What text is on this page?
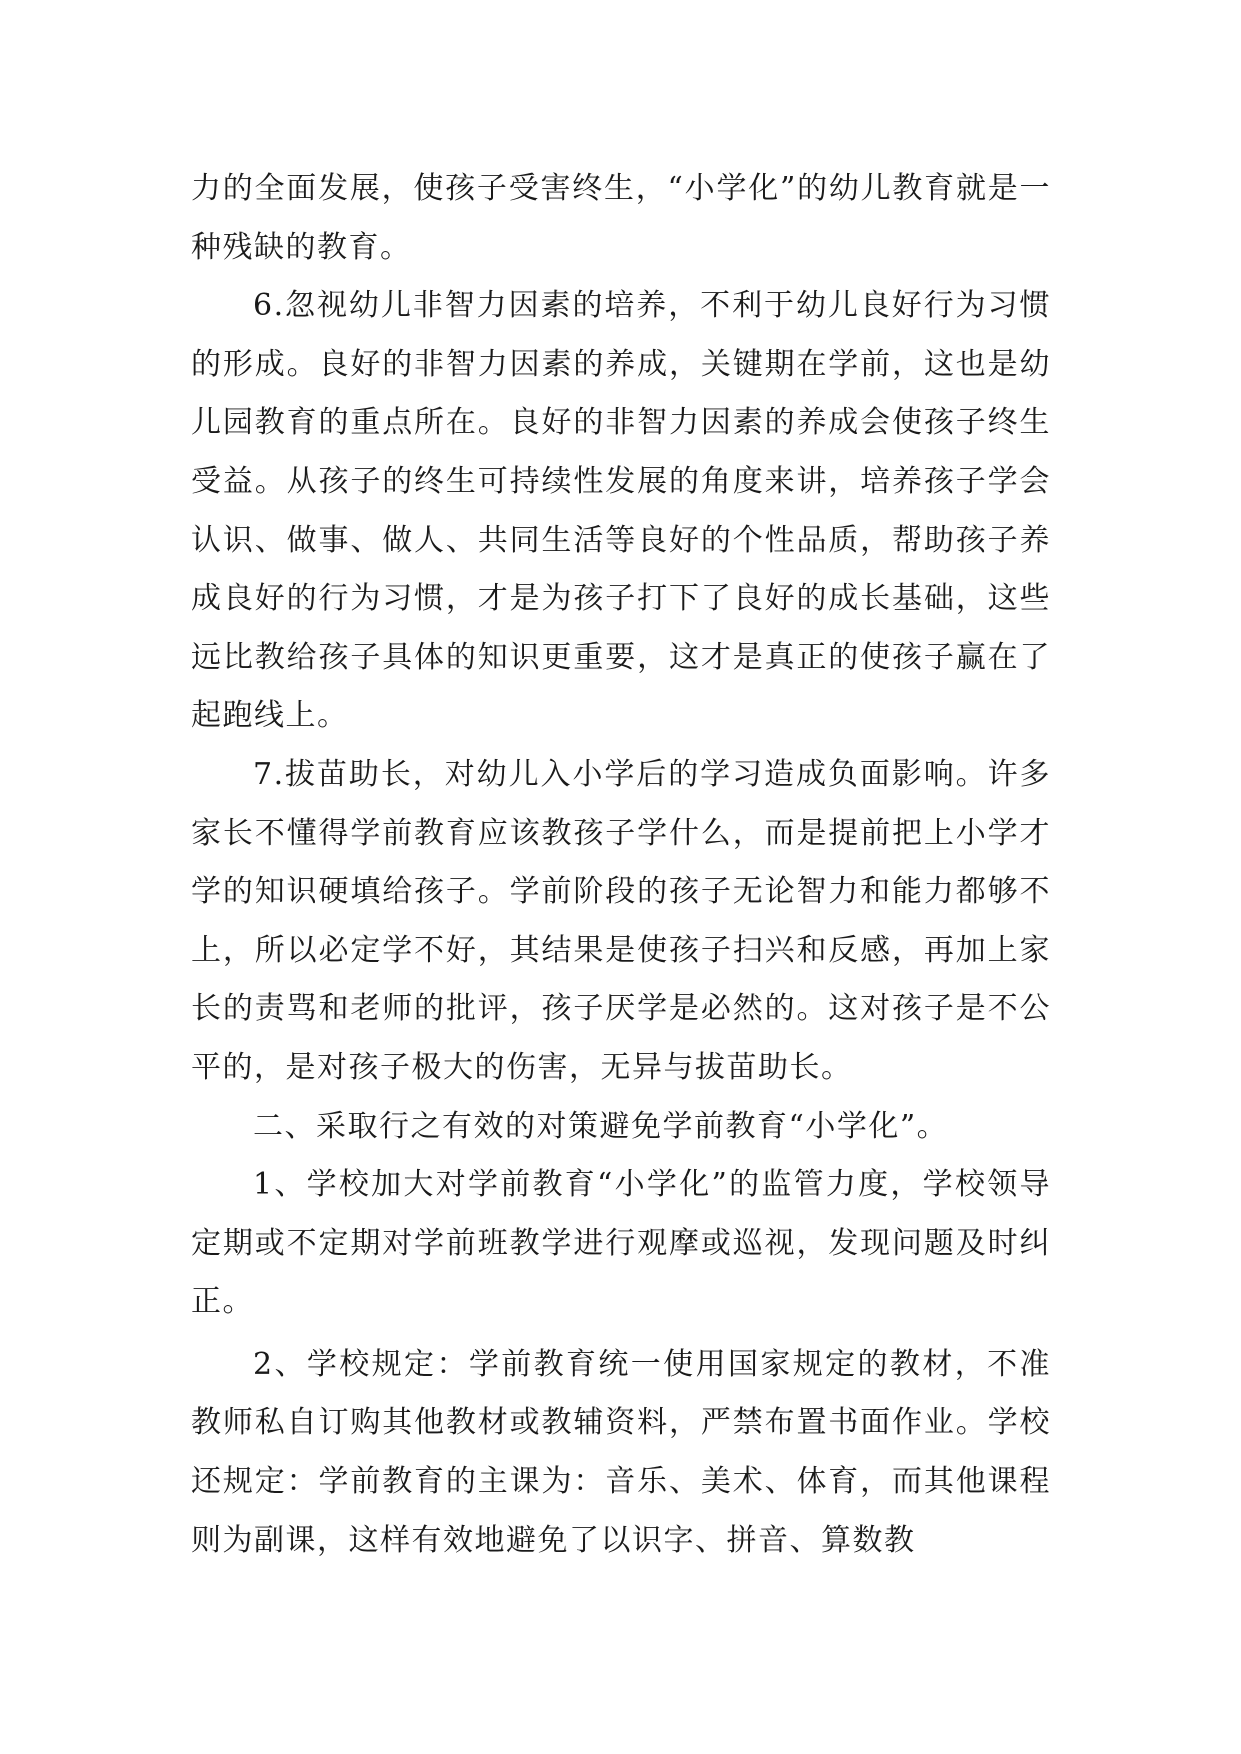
力的全面发展，使孩子受害终生，“小学化”的幼儿教育就是一种残缺的教育。

6.忽视幼儿非智力因素的培养，不利于幼儿良好行为习惯的形成。良好的非智力因素的养成，关键期在学前，这也是幼儿园教育的重点所在。良好的非智力因素的养成会使孩子终生受益。从孩子的终生可持续性发展的角度来讲，培养孩子学会认识、做事、做人、共同生活等良好的个性品质，帮助孩子养成良好的行为习惯，才是为孩子打下了良好的成长基础，这些远比教给孩子具体的知识更重要，这才是真正的使孩子赢在了起跑线上。

7.拔苗助长，对幼儿入小学后的学习造成负面影响。许多家长不懂得学前教育应该教孩子学什么，而是提前把上小学才学的知识硬填给孩子。学前阶段的孩子无论智力和能力都够不上，所以必定学不好，其结果是使孩子扫兴和反感，再加上家长的责骂和老师的批评，孩子厌学是必然的。这对孩子是不公平的，是对孩子极大的伤害，无异与拔苗助长。

二、采取行之有效的对策避免学前教育“小学化”。

1、学校加大对学前教育“小学化”的监管力度，学校领导定期或不定期对学前班教学进行观摩或巡视，发现问题及时纠正。

2、学校规定：学前教育统一使用国家规定的教材，不准教师私自订购其他教材或教辅资料，严禁布置书面作业。学校还规定：学前教育的主课为：音乐、美术、体育，而其他课程则为副课，这样有效地避免了以识字、拼音、算数教
